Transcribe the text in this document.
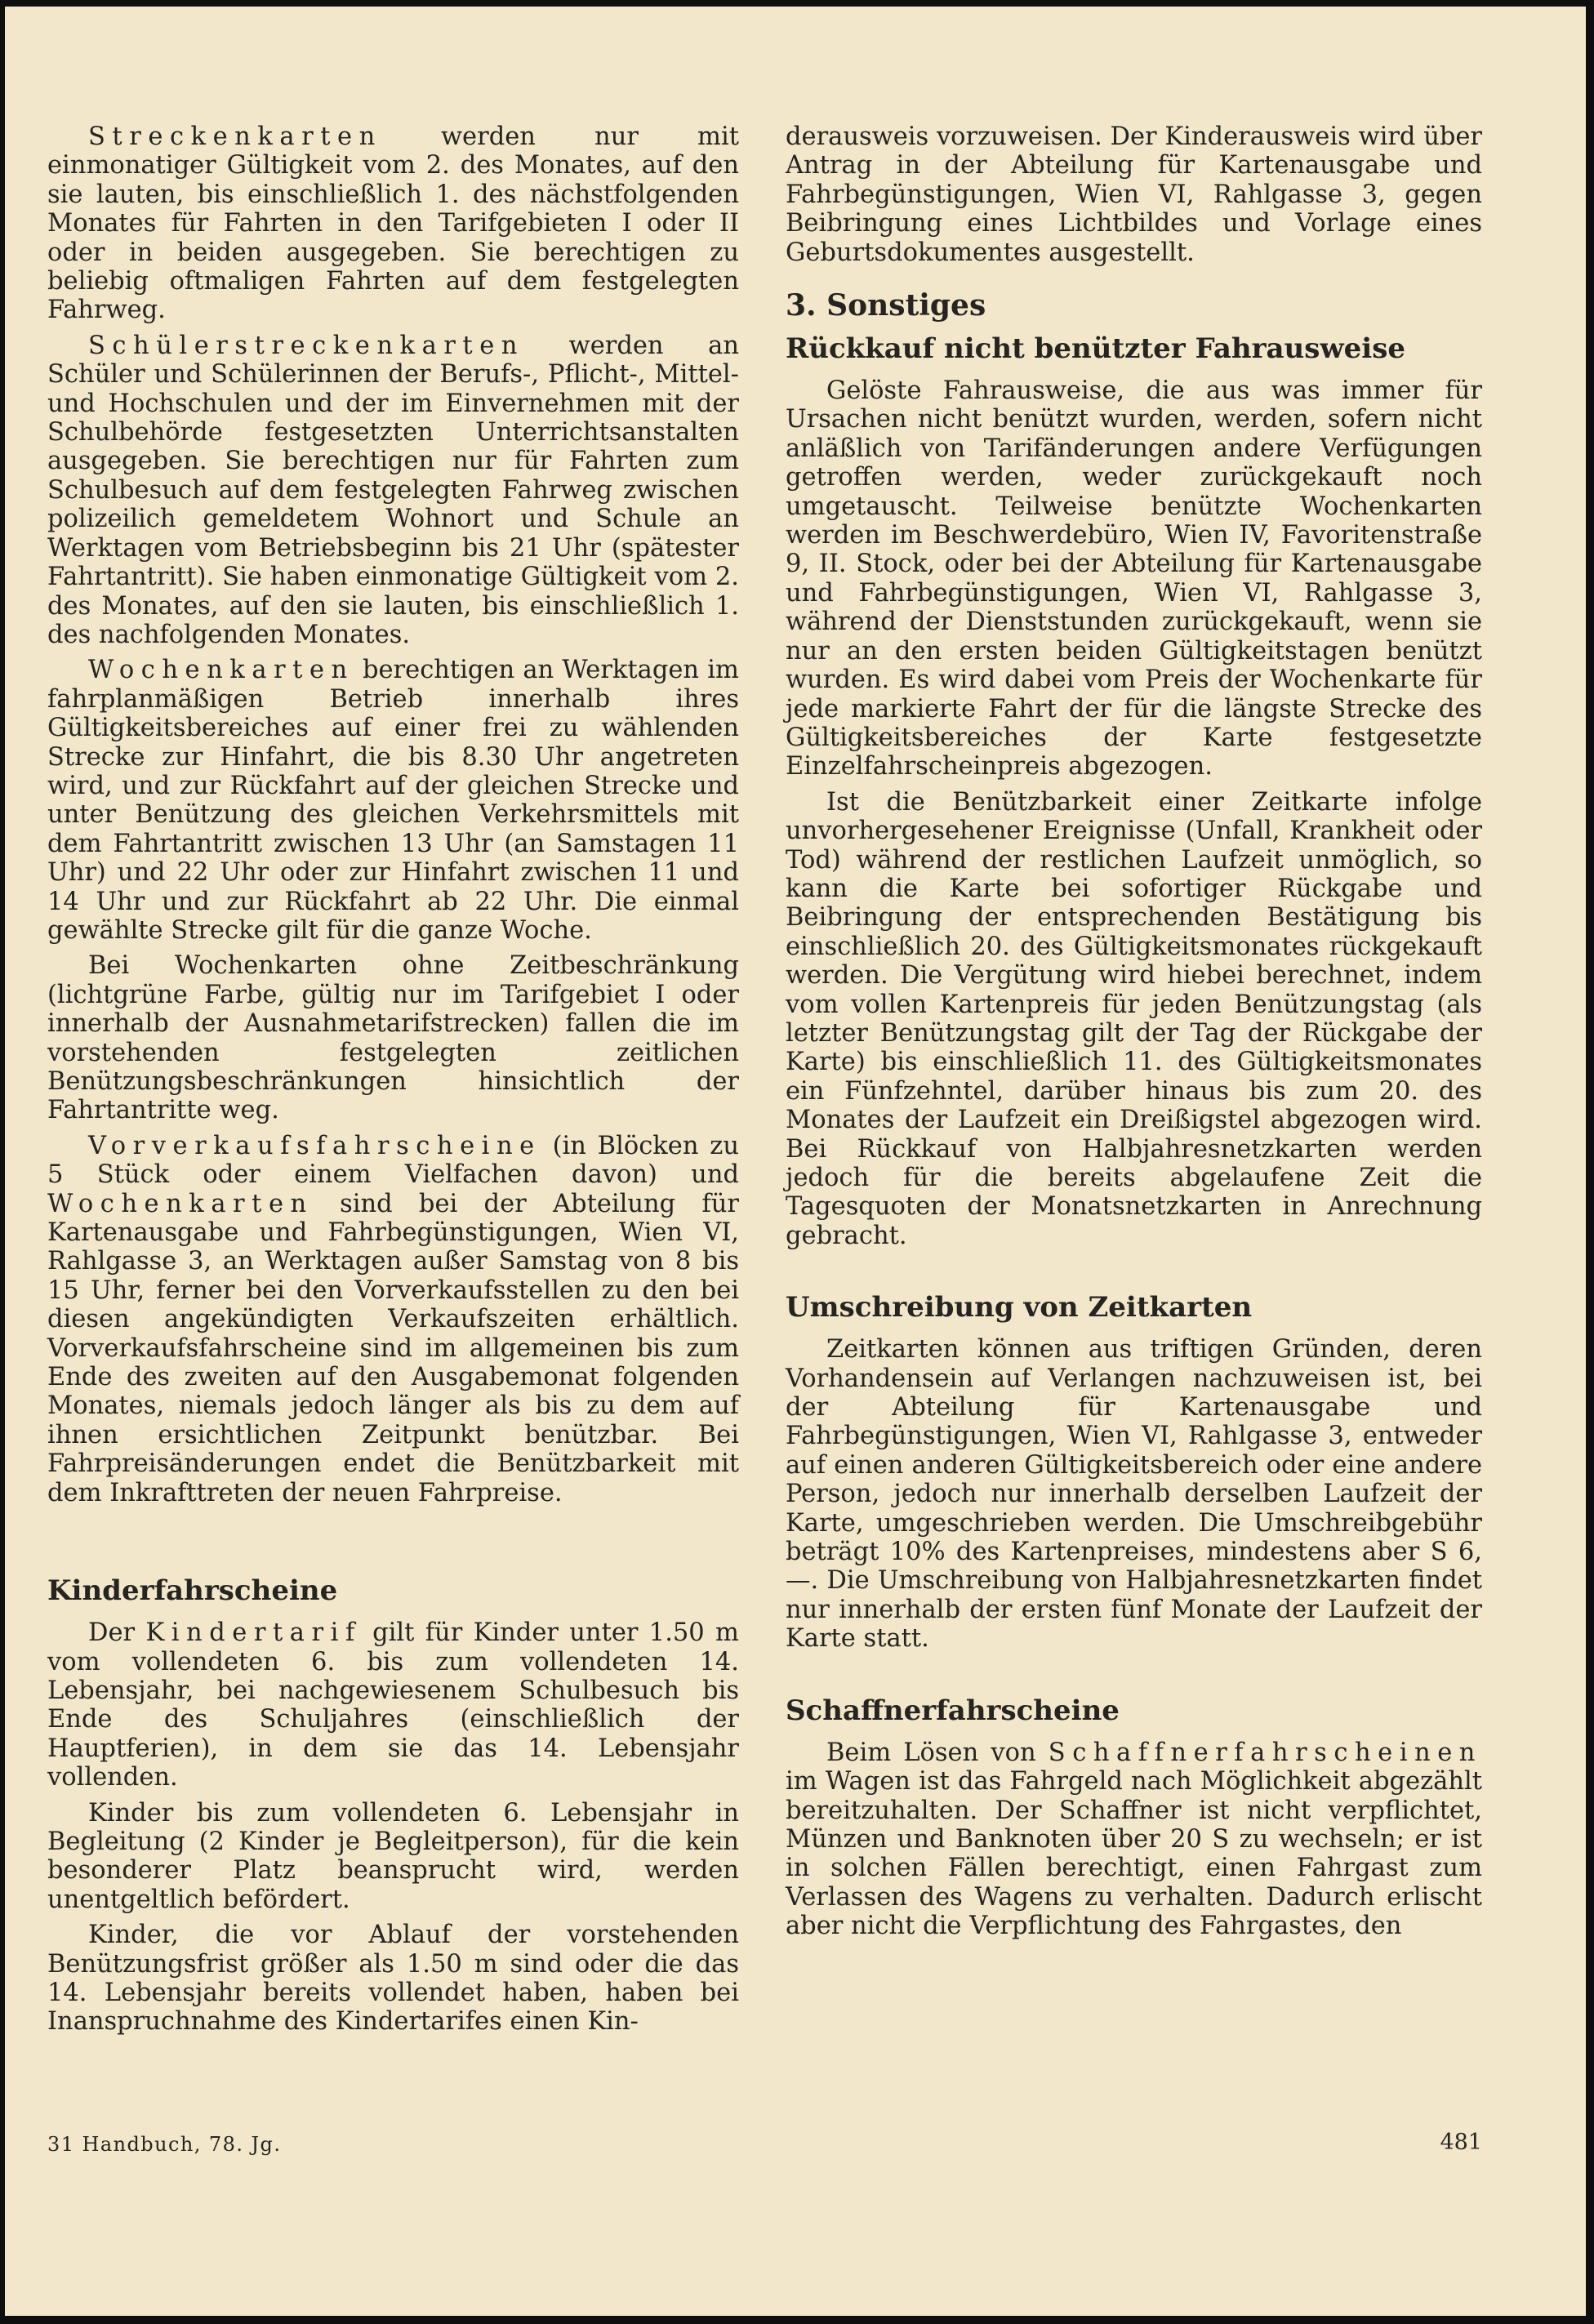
Streckenkarten werden nur mit einmonatiger Gültigkeit vom 2. des Monates, auf den sie lauten, bis einschließlich 1. des nächstfolgenden Monates für Fahrten in den Tarifgebieten I oder II oder in beiden ausgegeben. Sie berechtigen zu beliebig oftmaligen Fahrten auf dem festgelegten Fahrweg.

Schülerstreckenkarten werden an Schüler und Schülerinnen der Berufs-, Pflicht-, Mittel- und Hochschulen und der im Einvernehmen mit der Schulbehörde festgesetzten Unterrichtsanstalten ausgegeben. Sie berechtigen nur für Fahrten zum Schulbesuch auf dem festgelegten Fahrweg zwischen polizeilich gemeldetem Wohnort und Schule an Werktagen vom Betriebsbeginn bis 21 Uhr (spätester Fahrtantritt). Sie haben einmonatige Gültigkeit vom 2. des Monates, auf den sie lauten, bis einschließlich 1. des nachfolgenden Monates.

Wochenkarten berechtigen an Werktagen im fahrplanmäßigen Betrieb innerhalb ihres Gültigkeitsbereiches auf einer frei zu wählenden Strecke zur Hinfahrt, die bis 8.30 Uhr angetreten wird, und zur Rückfahrt auf der gleichen Strecke und unter Benützung des gleichen Verkehrsmittels mit dem Fahrtantritt zwischen 13 Uhr (an Samstagen 11 Uhr) und 22 Uhr oder zur Hinfahrt zwischen 11 und 14 Uhr und zur Rückfahrt ab 22 Uhr. Die einmal gewählte Strecke gilt für die ganze Woche.

Bei Wochenkarten ohne Zeitbeschränkung (lichtgrüne Farbe, gültig nur im Tarifgebiet I oder innerhalb der Ausnahmetarifstrecken) fallen die im vorstehenden festgelegten zeitlichen Benützungsbeschränkungen hinsichtlich der Fahrtantritte weg.

Vorverkaufsfahrscheine (in Blöcken zu 5 Stück oder einem Vielfachen davon) und Wochenkarten sind bei der Abteilung für Kartenausgabe und Fahrbegünstigungen, Wien VI, Rahlgasse 3, an Werktagen außer Samstag von 8 bis 15 Uhr, ferner bei den Vorverkaufsstellen zu den bei diesen angekündigten Verkaufszeiten erhältlich. Vorverkaufsfahrscheine sind im allgemeinen bis zum Ende des zweiten auf den Ausgabemonat folgenden Monates, niemals jedoch länger als bis zu dem auf ihnen ersichtlichen Zeitpunkt benützbar. Bei Fahrpreisänderungen endet die Benützbarkeit mit dem Inkrafttreten der neuen Fahrpreise.

Kinderfahrscheine

Der Kindertarif gilt für Kinder unter 1.50 m vom vollendeten 6. bis zum vollendeten 14. Lebensjahr, bei nachgewiesenem Schulbesuch bis Ende des Schuljahres (einschließlich der Hauptferien), in dem sie das 14. Lebensjahr vollenden.

Kinder bis zum vollendeten 6. Lebensjahr in Begleitung (2 Kinder je Begleitperson), für die kein besonderer Platz beansprucht wird, werden unentgeltlich befördert.

Kinder, die vor Ablauf der vorstehenden Benützungsfrist größer als 1.50 m sind oder die das 14. Lebensjahr bereits vollendet haben, haben bei Inanspruchnahme des Kindertarifes einen Kin-

derausweis vorzuweisen. Der Kinderausweis wird über Antrag in der Abteilung für Kartenausgabe und Fahrbegünstigungen, Wien VI, Rahlgasse 3, gegen Beibringung eines Lichtbildes und Vorlage eines Geburtsdokumentes ausgestellt.

3. Sonstiges
Rückkauf nicht benützter Fahrausweise

Gelöste Fahrausweise, die aus was immer für Ursachen nicht benützt wurden, werden, sofern nicht anläßlich von Tarifänderungen andere Verfügungen getroffen werden, weder zurückgekauft noch umgetauscht. Teilweise benützte Wochenkarten werden im Beschwerdebüro, Wien IV, Favoritenstraße 9, II. Stock, oder bei der Abteilung für Kartenausgabe und Fahrbegünstigungen, Wien VI, Rahlgasse 3, während der Dienststunden zurückgekauft, wenn sie nur an den ersten beiden Gültigkeitstagen benützt wurden. Es wird dabei vom Preis der Wochenkarte für jede markierte Fahrt der für die längste Strecke des Gültigkeitsbereiches der Karte festgesetzte Einzelfahrscheinpreis abgezogen.

Ist die Benützbarkeit einer Zeitkarte infolge unvorhergesehener Ereignisse (Unfall, Krankheit oder Tod) während der restlichen Laufzeit unmöglich, so kann die Karte bei sofortiger Rückgabe und Beibringung der entsprechenden Bestätigung bis einschließlich 20. des Gültigkeitsmonates rückgekauft werden. Die Vergütung wird hiebei berechnet, indem vom vollen Kartenpreis für jeden Benützungstag (als letzter Benützungstag gilt der Tag der Rückgabe der Karte) bis einschließlich 11. des Gültigkeitsmonates ein Fünfzehntel, darüber hinaus bis zum 20. des Monates der Laufzeit ein Dreißigstel abgezogen wird. Bei Rückkauf von Halbjahresnetzkarten werden jedoch für die bereits abgelaufene Zeit die Tagesquoten der Monatsnetzkarten in Anrechnung gebracht.

Umschreibung von Zeitkarten

Zeitkarten können aus triftigen Gründen, deren Vorhandensein auf Verlangen nachzuweisen ist, bei der Abteilung für Kartenausgabe und Fahrbegünstigungen, Wien VI, Rahlgasse 3, entweder auf einen anderen Gültigkeitsbereich oder eine andere Person, jedoch nur innerhalb derselben Laufzeit der Karte, umgeschrieben werden. Die Umschreibgebühr beträgt 10% des Kartenpreises, mindestens aber S 6,—. Die Umschreibung von Halbjahresnetzkarten findet nur innerhalb der ersten fünf Monate der Laufzeit der Karte statt.

Schaffnerfahrscheine

Beim Lösen von Schaffnerfahrscheinen im Wagen ist das Fahrgeld nach Möglichkeit abgezählt bereitzuhalten. Der Schaffner ist nicht verpflichtet, Münzen und Banknoten über 20 S zu wechseln; er ist in solchen Fällen berechtigt, einen Fahrgast zum Verlassen des Wagens zu verhalten. Dadurch erlischt aber nicht die Verpflichtung des Fahrgastes, den

31 Handbuch, 78. Jg.	481
